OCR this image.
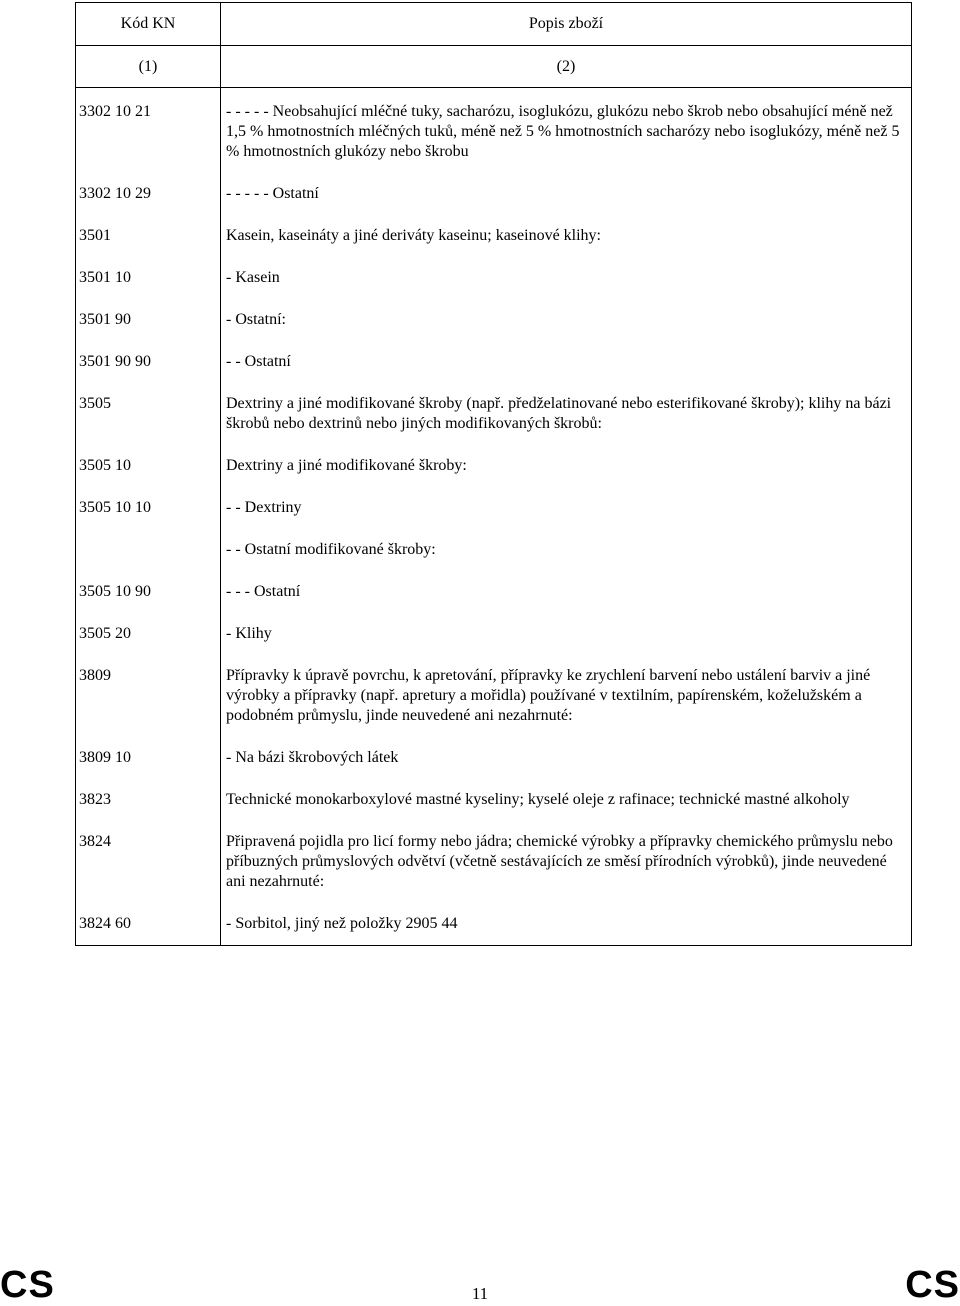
Kód KN	Popis zboží
(1)	(2)
3302 10 21	- - - - - Neobsahující mléčné tuky, sacharózu, isoglukózu, glukózu nebo škrob nebo obsahující méně než 1,5 % hmotnostních mléčných tuků, méně než 5 % hmotnostních sacharózy nebo isoglukózy, méně než 5 % hmotnostních glukózy nebo škrobu
3302 10 29	- - - - - Ostatní
3501	Kasein, kaseináty a jiné deriváty kaseinu; kaseinové klihy:
3501 10	- Kasein
3501 90	- Ostatní:
3501 90 90	- - Ostatní
3505	Dextriny a jiné modifikované škroby (např. předželatinované nebo esterifikované škroby); klihy na bázi škrobů nebo dextrinů nebo jiných modifikovaných škrobů:
3505 10	Dextriny a jiné modifikované škroby:
3505 10 10	- - Dextriny
	- - Ostatní modifikované škroby:
3505 10 90	- - - Ostatní
3505 20	- Klihy
3809	Přípravky k úpravě povrchu, k apretování, přípravky ke zrychlení barvení nebo ustálení barviv a jiné výrobky a přípravky (např. apretury a mořidla) používané v textilním, papírenském, koželužském a podobném průmyslu, jinde neuvedené ani nezahrnuté:
3809 10	- Na bázi škrobových látek
3823	Technické monokarboxylové mastné kyseliny; kyselé oleje z rafinace; technické mastné alkoholy
3824	Připravená pojidla pro licí formy nebo jádra; chemické výrobky a přípravky chemického průmyslu nebo příbuzných průmyslových odvětví (včetně sestávajících ze směsí přírodních výrobků), jinde neuvedené ani nezahrnuté:
3824 60	- Sorbitol, jiný než položky 2905 44
CS	11	CS
